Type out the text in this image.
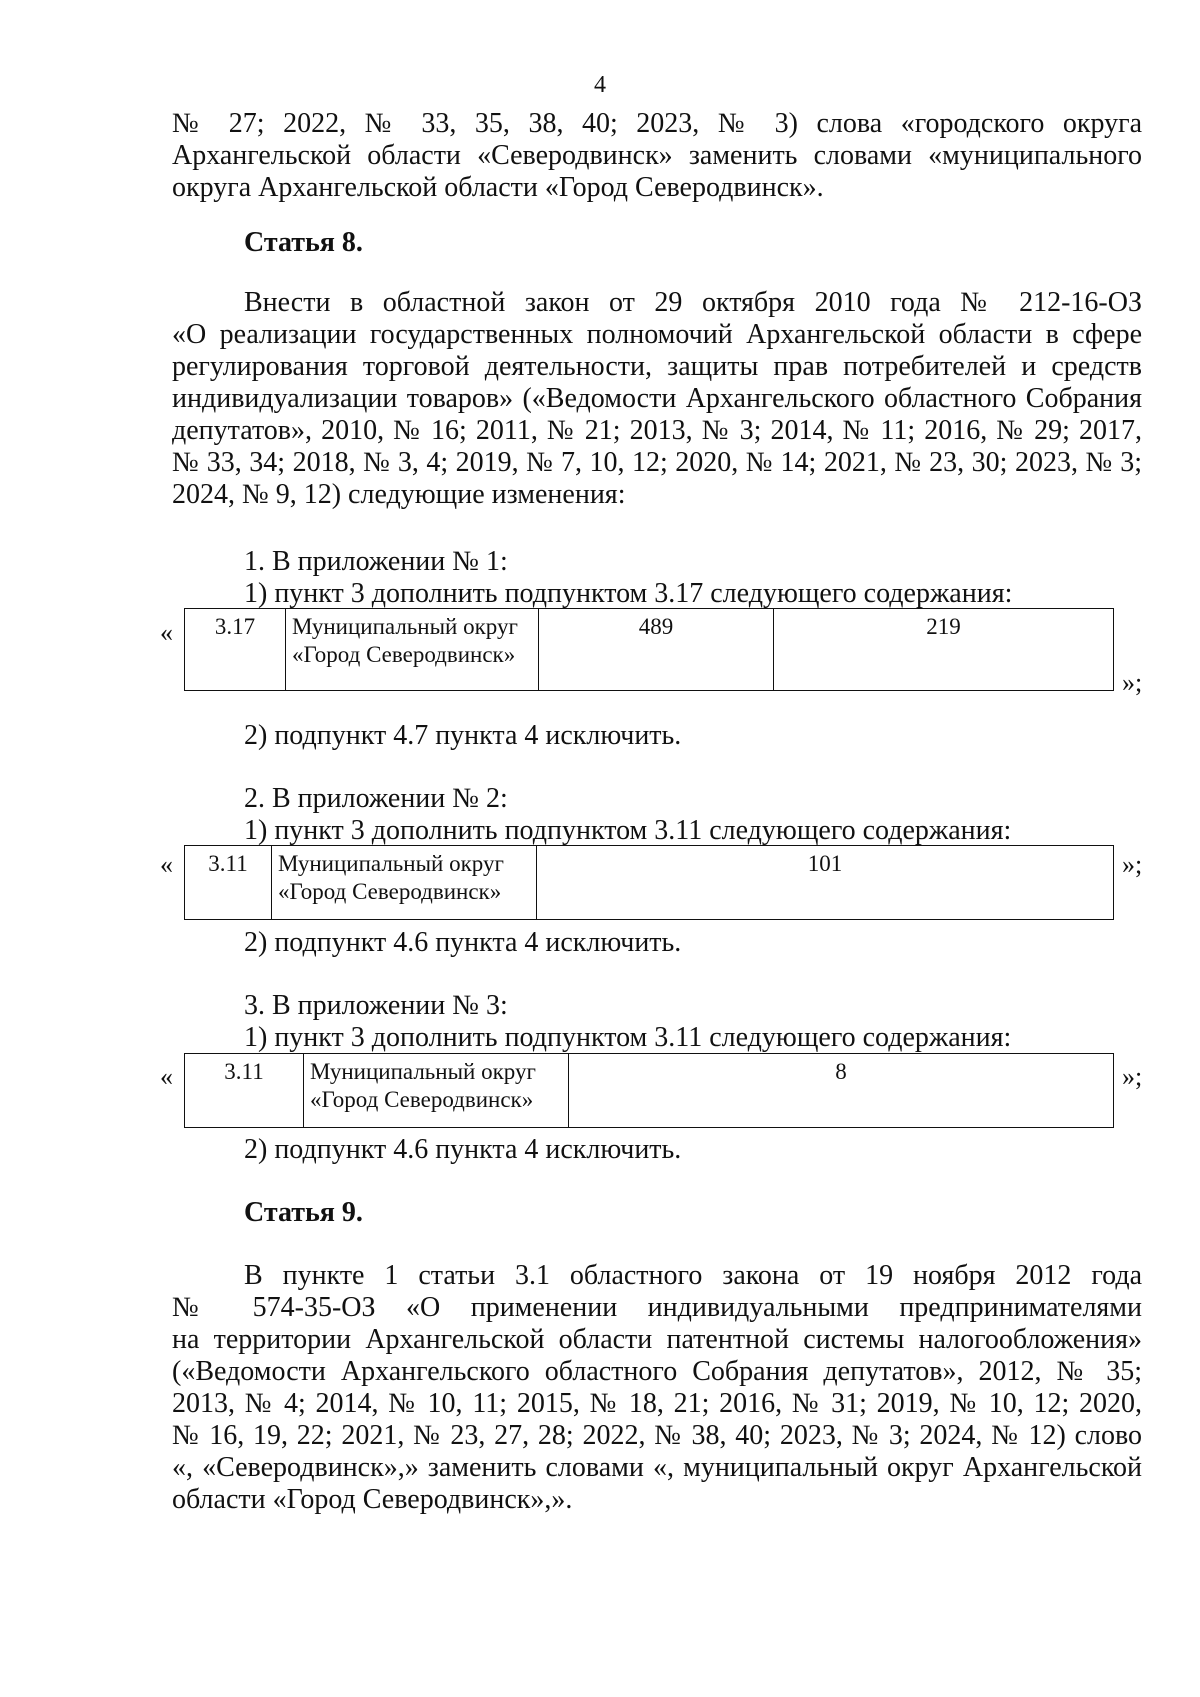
4
№ 27; 2022, № 33, 35, 38, 40; 2023, № 3) слова «городского округа
Архангельской области «Северодвинск» заменить словами «муниципального
округа Архангельской области «Город Северодвинск».
Статья 8.
Внести в областной закон от 29 октября 2010 года № 212-16-ОЗ
«О реализации государственных полномочий Архангельской области в сфере
регулирования торговой деятельности, защиты прав потребителей и средств
индивидуализации товаров» («Ведомости Архангельского областного Собрания
депутатов», 2010, № 16; 2011, № 21; 2013, № 3; 2014, № 11; 2016, № 29; 2017,
№ 33, 34; 2018, № 3, 4; 2019, № 7, 10, 12; 2020, № 14; 2021, № 23, 30; 2023, № 3;
2024, № 9, 12) следующие изменения:
1. В приложении № 1:
1) пункт 3 дополнить подпунктом 3.17 следующего содержания:
« 3.17	Муниципальный округ «Город Северодвинск»	489	219
»;
2) подпункт 4.7 пункта 4 исключить.
2. В приложении № 2:
1) пункт 3 дополнить подпунктом 3.11 следующего содержания:
« 3.11	Муниципальный округ «Город Северодвинск»	101	»;
2) подпункт 4.6 пункта 4 исключить.
3. В приложении № 3:
1) пункт 3 дополнить подпунктом 3.11 следующего содержания:
« 3.11	Муниципальный округ «Город Северодвинск»	8	»;
2) подпункт 4.6 пункта 4 исключить.
Статья 9.
В пункте 1 статьи 3.1 областного закона от 19 ноября 2012 года
№ 574-35-ОЗ «О применении индивидуальными предпринимателями
на территории Архангельской области патентной системы налогообложения»
(«Ведомости Архангельского областного Собрания депутатов», 2012, № 35;
2013, № 4; 2014, № 10, 11; 2015, № 18, 21; 2016, № 31; 2019, № 10, 12; 2020,
№ 16, 19, 22; 2021, № 23, 27, 28; 2022, № 38, 40; 2023, № 3; 2024, № 12) слово
«, «Северодвинск»,» заменить словами «, муниципальный округ Архангельской
области «Город Северодвинск»,».
